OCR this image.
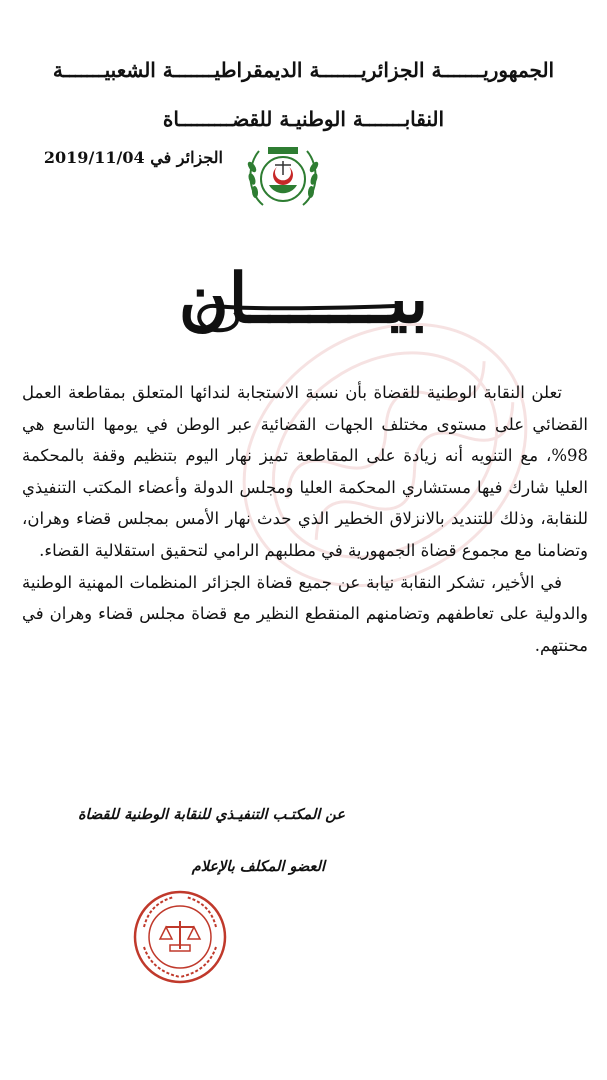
الجمهوريـــــــة الجزائريـــــــة الديمقراطيـــــــة الشعبيـــــــة
النقابـــــــة الوطنيـة للقضـــــــــاة
الجزائر في 2019/11/04
بيـــــــان

تعلن النقابة الوطنية للقضاة بأن نسبة الاستجابة لندائها المتعلق بمقاطعة العمل القضائي على مستوى مختلف الجهات القضائية عبر الوطن في يومها التاسع هي 98%، مع التنويه أنه زيادة على المقاطعة تميز نهار اليوم بتنظيم وقفة بالمحكمة العليا شارك فيها مستشاري المحكمة العليا ومجلس الدولة وأعضاء المكتب التنفيذي للنقابة، وذلك للتنديد بالانزلاق الخطير الذي حدث نهار الأمس بمجلس قضاء وهران، وتضامنا مع مجموع قضاة الجمهورية في مطلبهم الرامي لتحقيق استقلالية القضاء.

في الأخير، تشكر النقابة نيابة عن جميع قضاة الجزائر المنظمات المهنية الوطنية والدولية على تعاطفهم وتضامنهم المنقطع النظير مع قضاة مجلس قضاء وهران في محنتهم.

عن المكتـب التنفيـذي للنقابة الوطنية للقضاة
العضو المكلف بالإعلام
